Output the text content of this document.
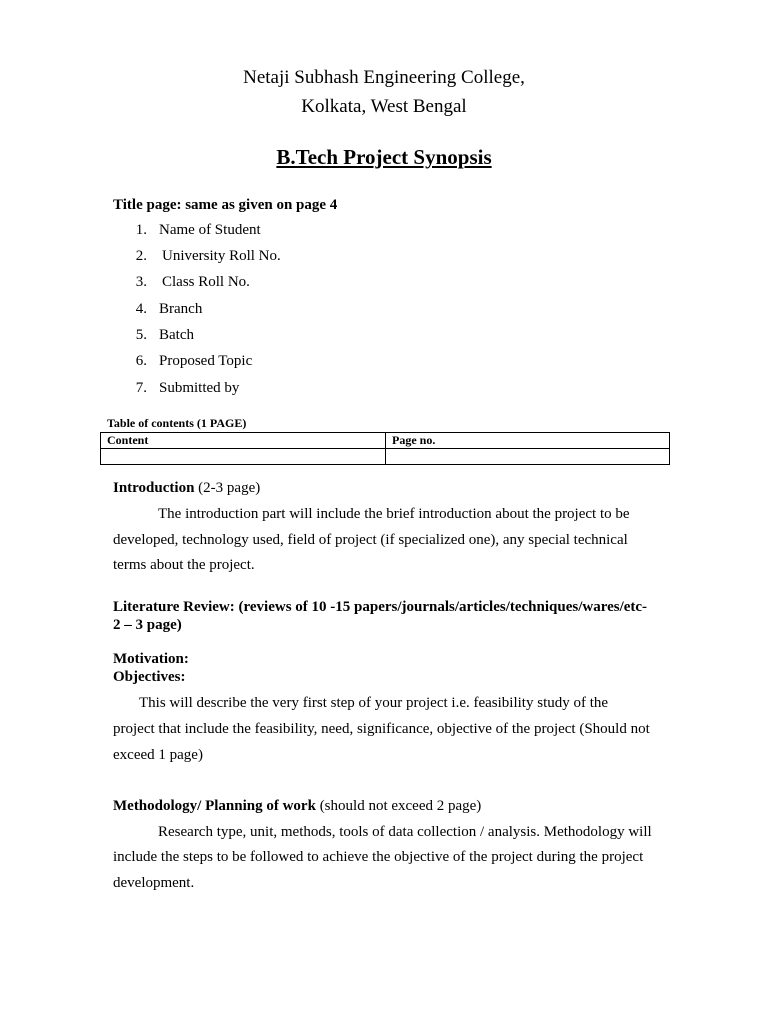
Netaji Subhash Engineering College,
Kolkata, West Bengal
B.Tech Project Synopsis
Title page: same as given on page 4
1. Name of Student
2. University Roll No.
3. Class Roll No.
4. Branch
5. Batch
6. Proposed Topic
7. Submitted by
Table of contents (1 PAGE)
Content	Page no.

Introduction (2-3 page)
The introduction part will include the brief introduction about the project to be
developed, technology used, field of project (if specialized one), any special technical
terms about the project.
Literature Review: (reviews of 10 -15 papers/journals/articles/techniques/wares/etc-
2 – 3 page)
Motivation:
Objectives:
This will describe the very first step of your project i.e. feasibility study of the
project that include the feasibility, need, significance, objective of the project (Should not
exceed 1 page)
Methodology/ Planning of work (should not exceed 2 page)
Research type, unit, methods, tools of data collection / analysis. Methodology will
include the steps to be followed to achieve the objective of the project during the project
development.
